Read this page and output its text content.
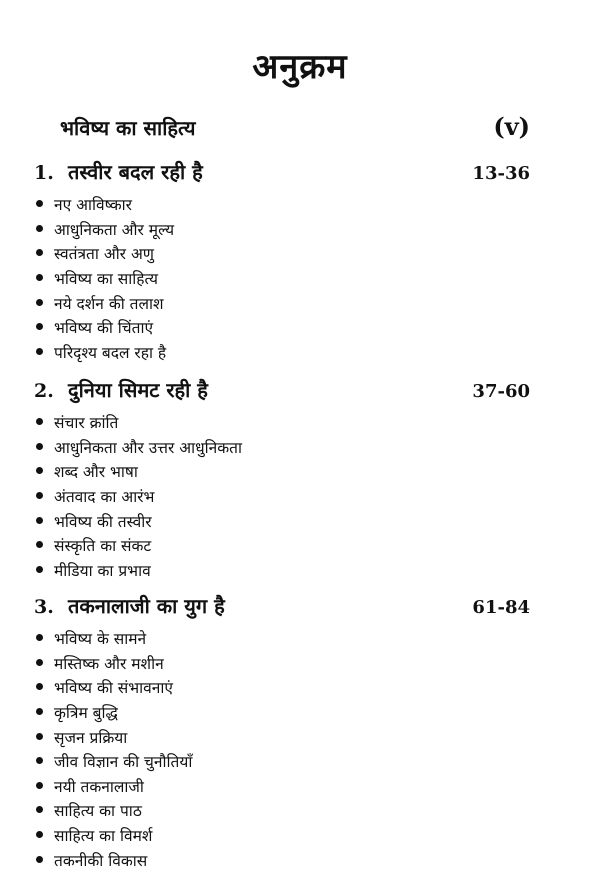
अनुक्रम
भविष्य का साहित्य	(v)
1. तस्वीर बदल रही है	13-36
नए आविष्कार
आधुनिकता और मूल्य
स्वतंत्रता और अणु
भविष्य का साहित्य
नये दर्शन की तलाश
भविष्य की चिंताएं
परिदृश्य बदल रहा है
2. दुनिया सिमट रही है	37-60
संचार क्रांति
आधुनिकता और उत्तर आधुनिकता
शब्द और भाषा
अंतवाद का आरंभ
भविष्य की तस्वीर
संस्कृति का संकट
मीडिया का प्रभाव
3. तकनालाजी का युग है	61-84
भविष्य के सामने
मस्तिष्क और मशीन
भविष्य की संभावनाएं
कृत्रिम बुद्धि
सृजन प्रक्रिया
जीव विज्ञान की चुनौतियाँ
नयी तकनालाजी
साहित्य का पाठ
साहित्य का विमर्श
तकनीकी विकास
